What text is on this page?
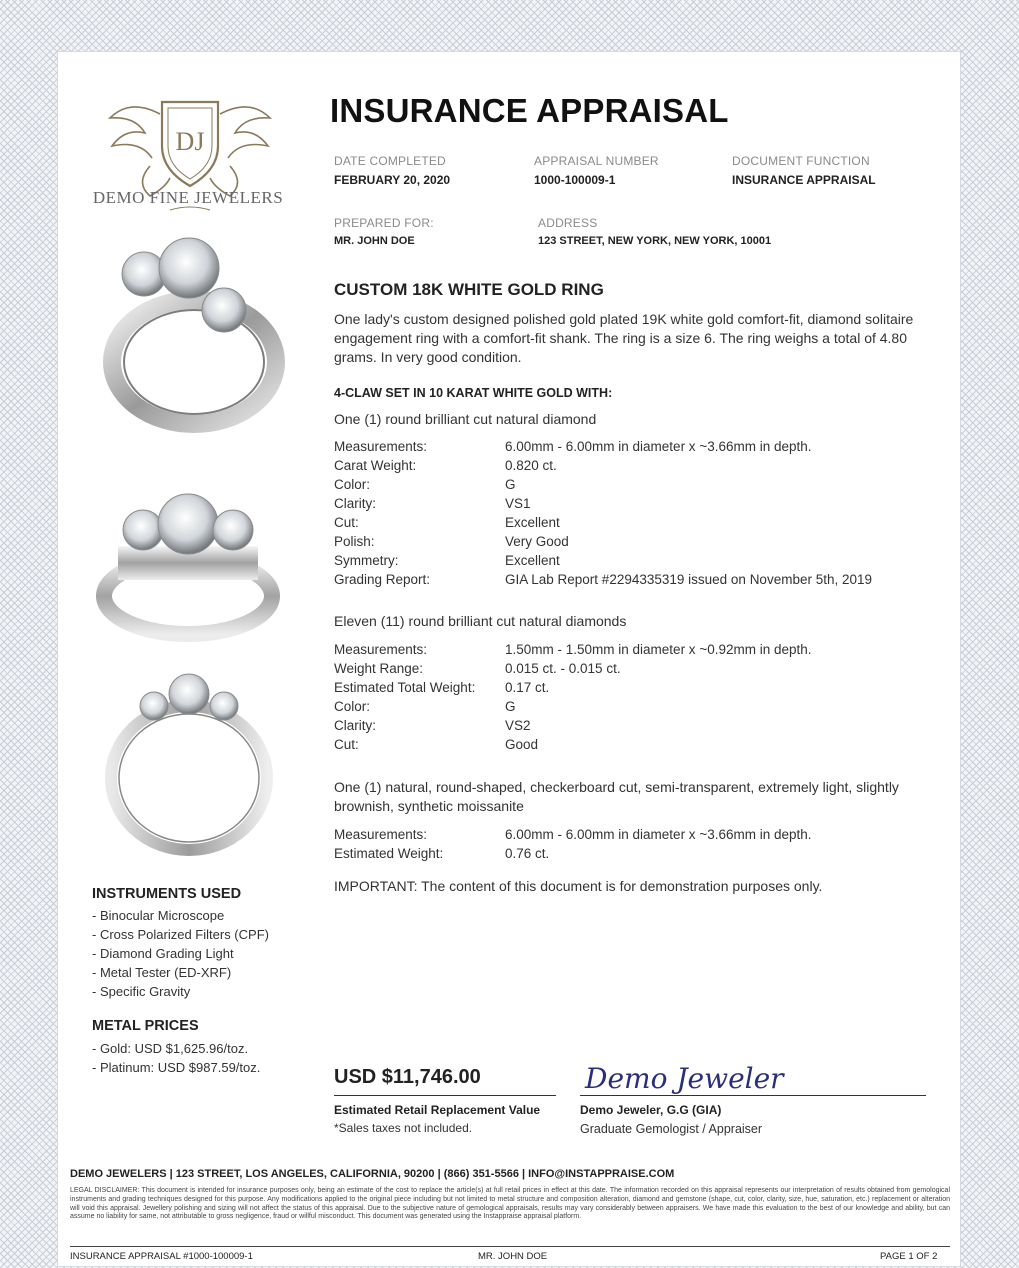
DJ
DEMO FINE JEWELERS
INSURANCE APPRAISAL
DATE COMPLETED
FEBRUARY 20, 2020
APPRAISAL NUMBER
1000-100009-1
DOCUMENT FUNCTION
INSURANCE APPRAISAL
PREPARED FOR:
MR. JOHN DOE
ADDRESS
123 STREET, NEW YORK, NEW YORK, 10001
CUSTOM 18K WHITE GOLD RING
One lady's custom designed polished gold plated 19K white gold comfort-fit, diamond solitaire engagement ring with a comfort-fit shank. The ring is a size 6. The ring weighs a total of 4.80 grams. In very good condition.
4-CLAW SET IN 10 KARAT WHITE GOLD WITH:
One (1) round brilliant cut natural diamond
Measurements:	6.00mm - 6.00mm in diameter x ~3.66mm in depth.
Carat Weight:	0.820 ct.
Color:	G
Clarity:	VS1
Cut:	Excellent
Polish:	Very Good
Symmetry:	Excellent
Grading Report:	GIA Lab Report #2294335319 issued on November 5th, 2019
Eleven (11) round brilliant cut natural diamonds
Measurements:	1.50mm - 1.50mm in diameter x ~0.92mm in depth.
Weight Range:	0.015 ct. - 0.015 ct.
Estimated Total Weight:	0.17 ct.
Color:	G
Clarity:	VS2
Cut:	Good
One (1) natural, round-shaped, checkerboard cut, semi-transparent, extremely light, slightly brownish, synthetic moissanite
Measurements:	6.00mm - 6.00mm in diameter x ~3.66mm in depth.
Estimated Weight:	0.76 ct.
IMPORTANT: The content of this document is for demonstration purposes only.
INSTRUMENTS USED
- Binocular Microscope
- Cross Polarized Filters (CPF)
- Diamond Grading Light
- Metal Tester (ED-XRF)
- Specific Gravity
METAL PRICES
- Gold: USD $1,625.96/toz.
- Platinum: USD $987.59/toz.	USD $11,746.00
Estimated Retail Replacement Value
*Sales taxes not included.
Demo Jeweler
Demo Jeweler, G.G (GIA)
Graduate Gemologist / Appraiser
DEMO JEWELERS | 123 STREET, LOS ANGELES, CALIFORNIA, 90200 | (866) 351-5566 | INFO@INSTAPPRAISE.COM
LEGAL DISCLAIMER: This document is intended for insurance purposes only, being an estimate of the cost to replace the article(s) at full retail prices in effect at this date. The information recorded on this appraisal represents our interpretation of results obtained from gemological instruments and grading techniques designed for this purpose. Any modifications applied to the original piece including but not limited to metal structure and composition alteration, diamond and gemstone (shape, cut, color, clarity, size, hue, saturation, etc.) replacement or alteration will void this appraisal. Jewellery polishing and sizing will not affect the status of this appraisal. Due to the subjective nature of gemological appraisals, results may vary considerably between appraisers. We have made this evaluation to the best of our knowledge and ability, but can assume no liability for same, not attributable to gross negligence, fraud or willful misconduct. This document was generated using the Instappraise appraisal platform.
INSURANCE APPRAISAL #1000-100009-1	MR. JOHN DOE	PAGE 1 OF 2
